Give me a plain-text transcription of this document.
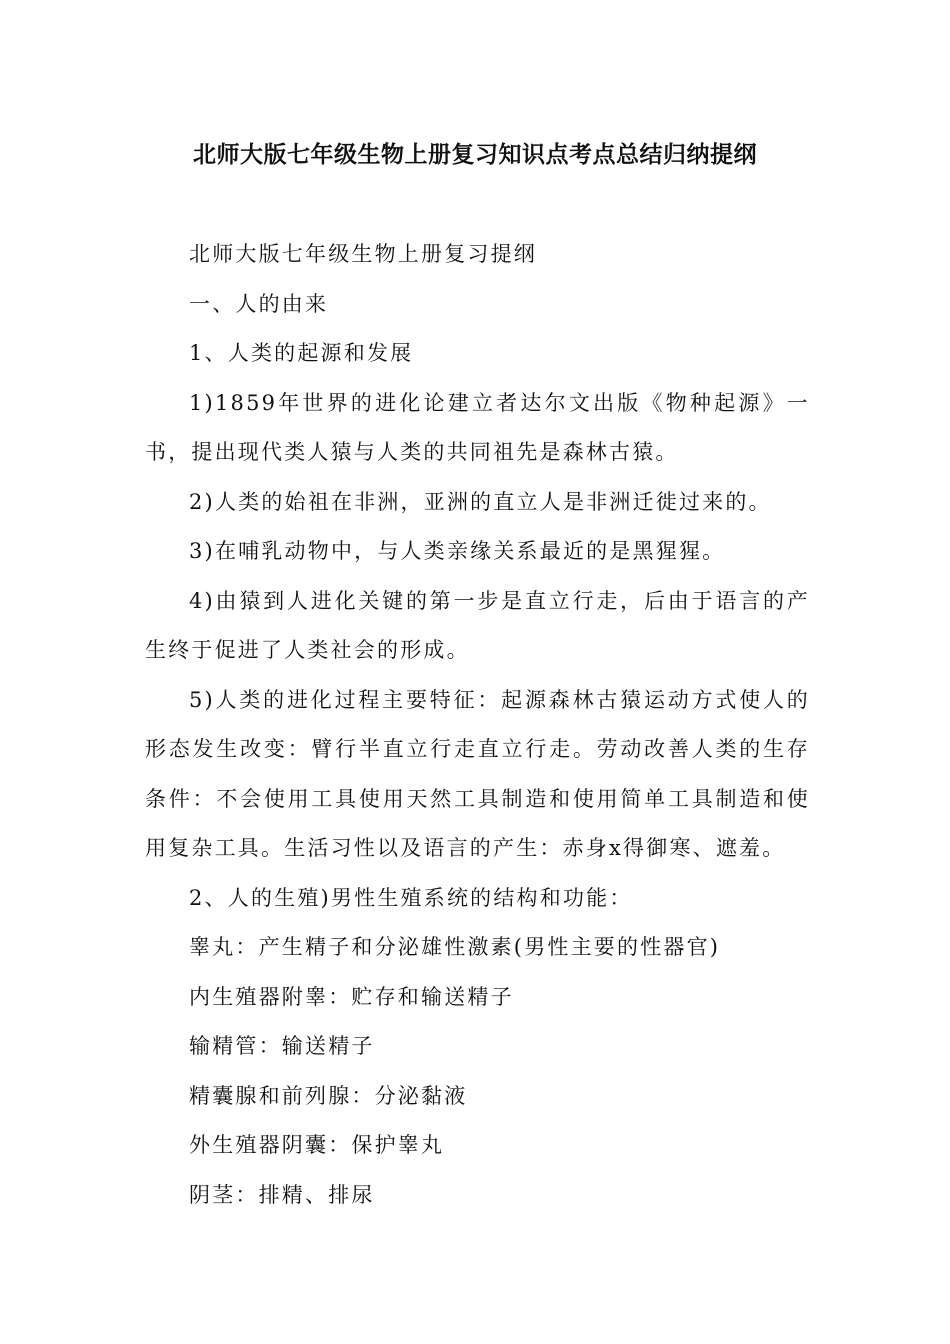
北师大版七年级生物上册复习知识点考点总结归纳提纲

北师大版七年级生物上册复习提纲

一、人的由来

1、人类的起源和发展

1)1859年世界的进化论建立者达尔文出版《物种起源》一书，提出现代类人猿与人类的共同祖先是森林古猿。

2)人类的始祖在非洲，亚洲的直立人是非洲迁徙过来的。

3)在哺乳动物中，与人类亲缘关系最近的是黑猩猩。

4)由猿到人进化关键的第一步是直立行走，后由于语言的产生终于促进了人类社会的形成。

5)人类的进化过程主要特征：起源森林古猿运动方式使人的形态发生改变：臂行半直立行走直立行走。劳动改善人类的生存条件：不会使用工具使用天然工具制造和使用简单工具制造和使用复杂工具。生活习性以及语言的产生：赤身x得御寒、遮羞。

2、人的生殖)男性生殖系统的结构和功能：

睾丸：产生精子和分泌雄性激素(男性主要的性器官)

内生殖器附睾：贮存和输送精子

输精管：输送精子

精囊腺和前列腺：分泌黏液

外生殖器阴囊：保护睾丸

阴茎：排精、排尿
